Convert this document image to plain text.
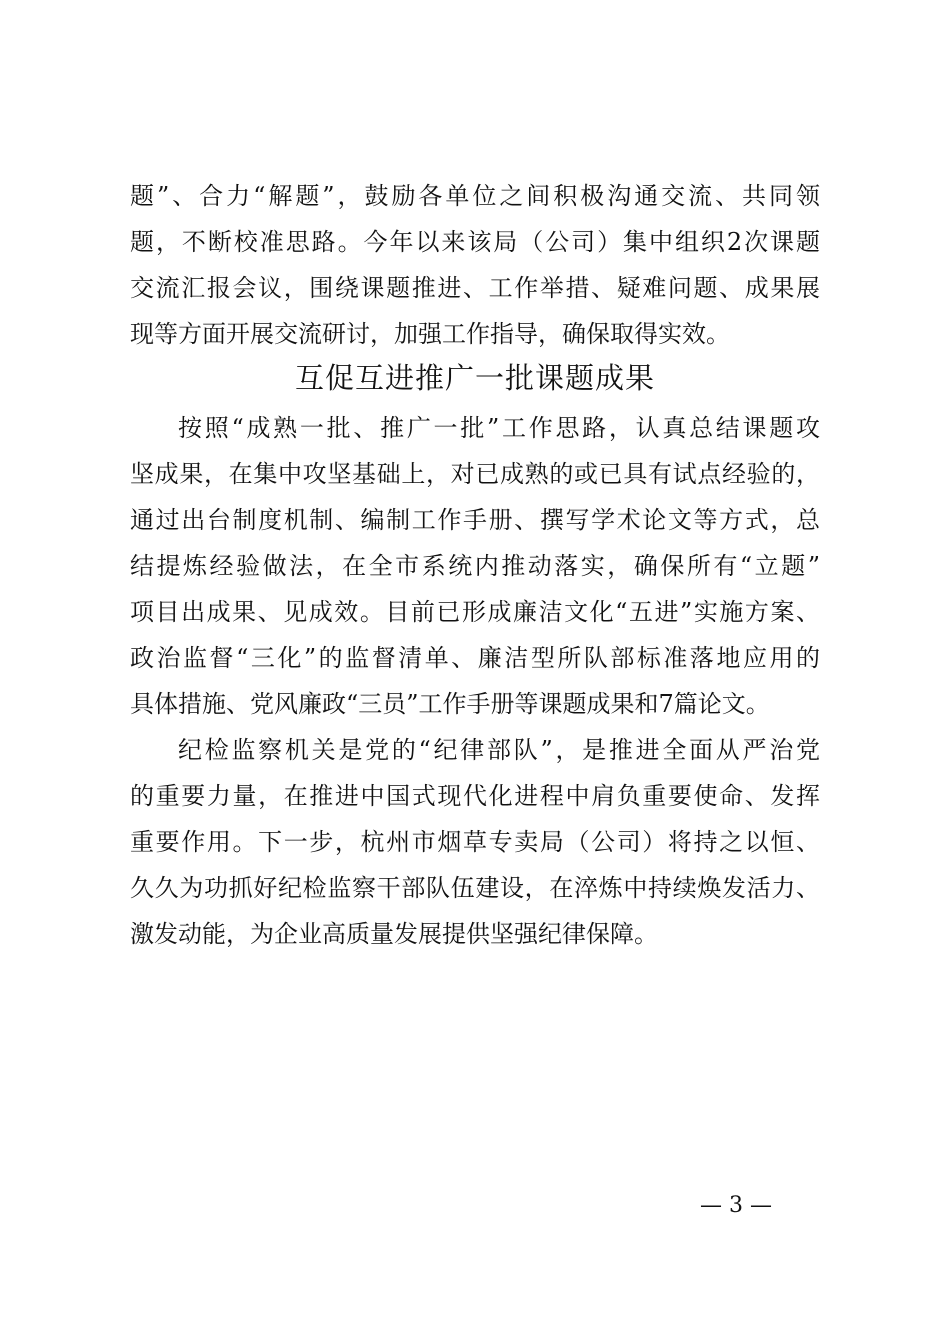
题”、合力“解题”，鼓励各单位之间积极沟通交流、共同领
题，不断校准思路。今年以来该局（公司）集中组织2次课题
交流汇报会议，围绕课题推进、工作举措、疑难问题、成果展
现等方面开展交流研讨，加强工作指导，确保取得实效。
互促互进推广一批课题成果
按照“成熟一批、推广一批”工作思路，认真总结课题攻
坚成果，在集中攻坚基础上，对已成熟的或已具有试点经验的，
通过出台制度机制、编制工作手册、撰写学术论文等方式，总
结提炼经验做法，在全市系统内推动落实，确保所有“立题”
项目出成果、见成效。目前已形成廉洁文化“五进”实施方案、
政治监督“三化”的监督清单、廉洁型所队部标准落地应用的
具体措施、党风廉政“三员”工作手册等课题成果和7篇论文。
纪检监察机关是党的“纪律部队”，是推进全面从严治党
的重要力量，在推进中国式现代化进程中肩负重要使命、发挥
重要作用。下一步，杭州市烟草专卖局（公司）将持之以恒、
久久为功抓好纪检监察干部队伍建设，在淬炼中持续焕发活力、
激发动能，为企业高质量发展提供坚强纪律保障。
— 3 —
